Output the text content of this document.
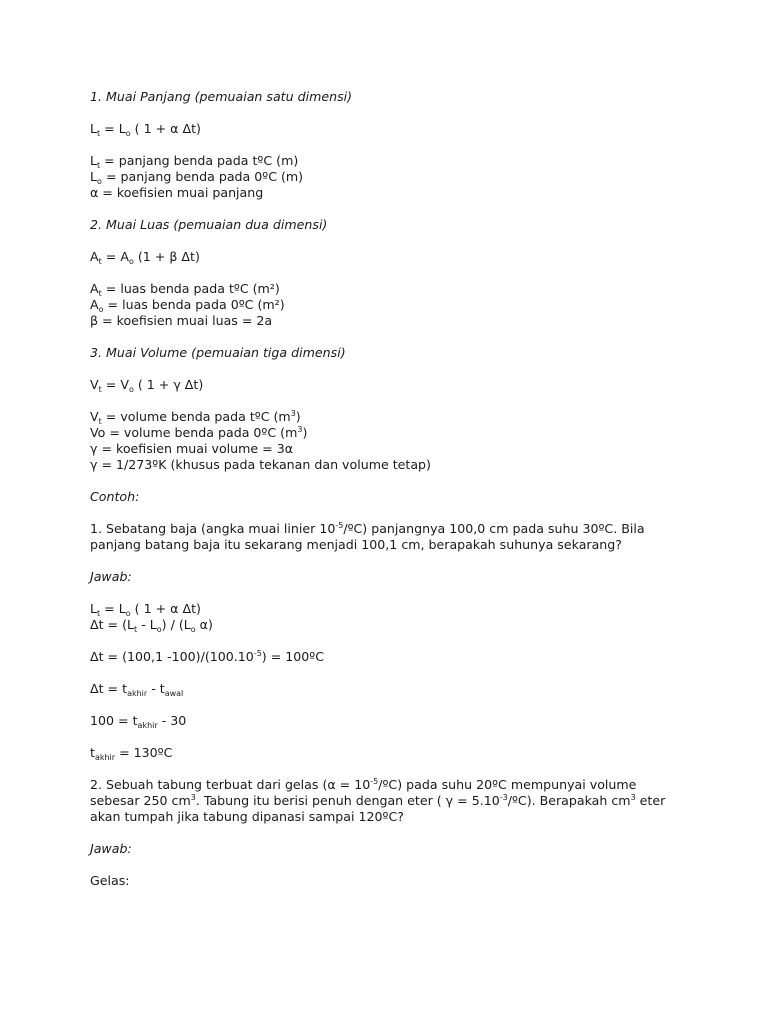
1. Muai Panjang (pemuaian satu dimensi)

$L_t = L_o$ ( 1 + α Δt)

$L_t$ = panjang benda pada tºC (m)

$L_o$ = panjang benda pada 0ºC (m)

α = koefisien muai panjang

2. Muai Luas (pemuaian dua dimensi)

$A_t = A_o$ (1 + β Δt)

$A_t$ = luas benda pada tºC (m²)

$A_o$ = luas benda pada 0ºC (m²)

β = koefisien muai luas = 2a

3. Muai Volume (pemuaian tiga dimensi)

$V_t = V_o$ ( 1 + γ Δt)

$V_t$ = volume benda pada tºC $(m^3)$

Vo = volume benda pada 0ºC $(m^3)$

γ = koefisien muai volume = 3α

γ = 1/273ºK (khusus pada tekanan dan volume tetap)

Contoh:

1. Sebatang baja (angka muai linier $10^{-5}/ºC$) panjangnya 100,0 cm pada suhu 30ºC. Bila

panjang batang baja itu sekarang menjadi 100,1 cm, berapakah suhunya sekarang?

Jawab:

$L_t = L_o$ ( 1 + α Δt)

$\Delta t = (L_t - L_o) / (L_o$ α)

Δt = (100,1 $-100)/(100.10^{-5})$ = 100ºC

$\Delta t = t_{akhir} - t_{awal}$

$100 = t_{akhir} - 30$

$t_{akhir}$ = 130ºC

2. Sebuah tabung terbuat dari gelas $(\alpha = 10^{-5}/ºC)$ pada suhu 20ºC mempunyai volume

sebesar 250 $cm^3$. Tabung itu berisi penuh dengan eter ( $\gamma = 5.10^{-3}/ºC$). Berapakah $cm^3$ eter

akan tumpah jika tabung dipanasi sampai 120ºC?

Jawab:

Gelas:
